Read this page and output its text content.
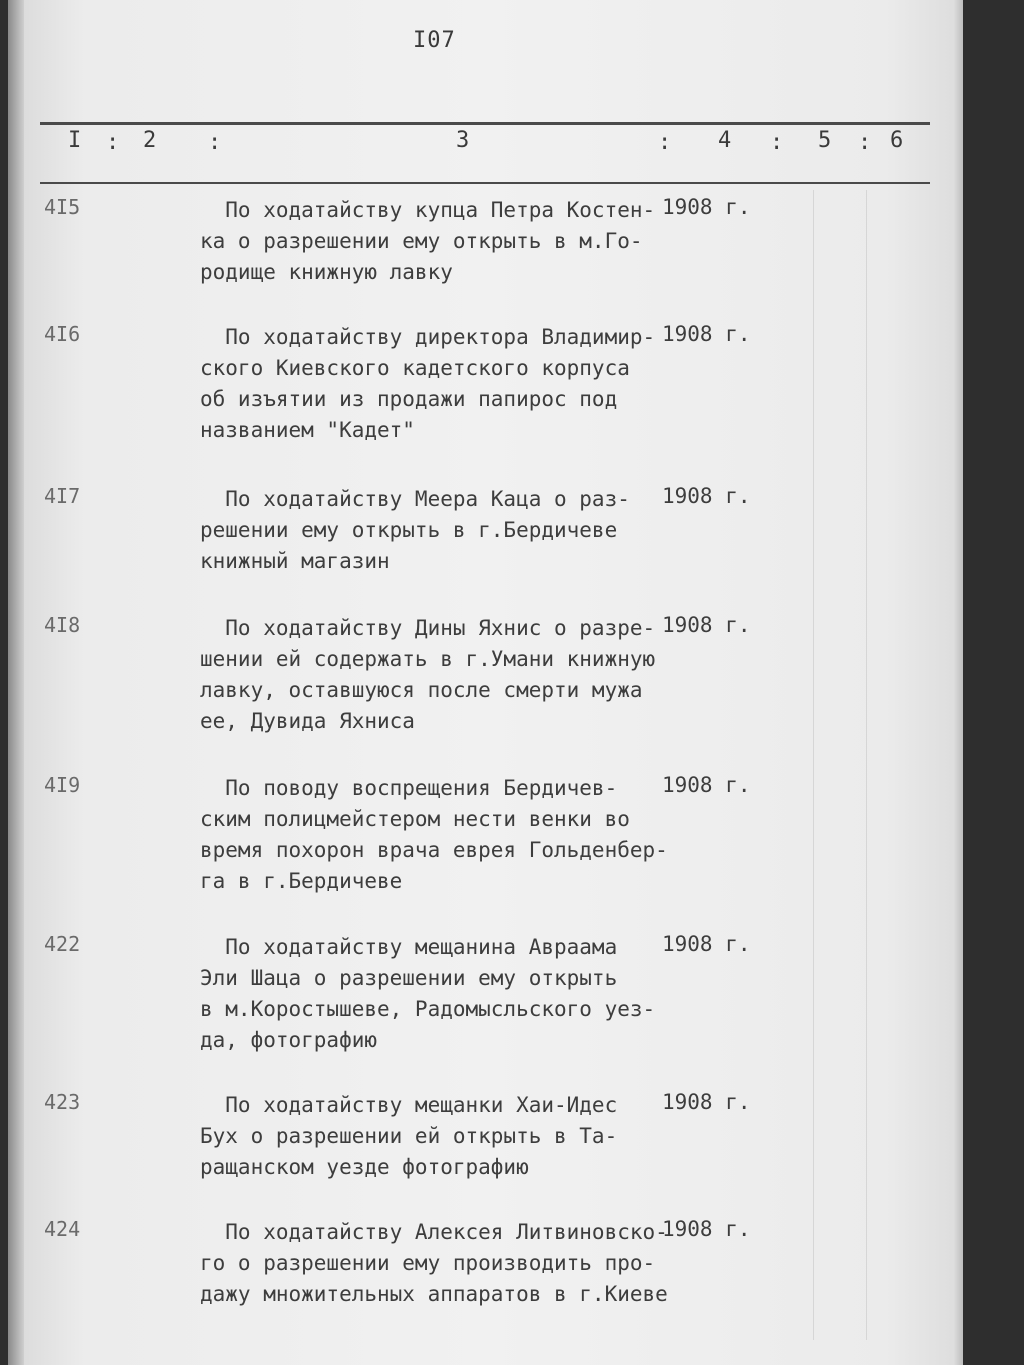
I07
I : 2 :	3	: 4 : 5 : 6
4I5	По ходатайству купца Петра Костен-
ка о разрешении ему открыть в м.Го-
родище книжную лавку
1908 г.
4I6	По ходатайству директора Владимир-
ского Киевского кадетского корпуса
об изъятии из продажи папирос под
названием "Кадет"
1908 г.
4I7	По ходатайству Меера Каца о раз-
решении ему открыть в г.Бердичеве
книжный магазин
1908 г.
4I8	По ходатайству Дины Яхнис о разре-
шении ей содержать в г.Умани книжную
лавку, оставшуюся после смерти мужа
ее, Дувида Яхниса
1908 г.
4I9	По поводу воспрещения Бердичев-
ским полицмейстером нести венки во
время похорон врача еврея Гольденбер-
га в г.Бердичеве
1908 г.
422	По ходатайству мещанина Авраама
Эли Шаца о разрешении ему открыть
в м.Коростышеве, Радомысльского уез-
да, фотографию
1908 г.
423	По ходатайству мещанки Хаи-Идес
Бух о разрешении ей открыть в Та-
ращанском уезде фотографию
1908 г.
424	По ходатайству Алексея Литвиновско-
го о разрешении ему производить про-
дажу множительных аппаратов в г.Киеве
1908 г.
